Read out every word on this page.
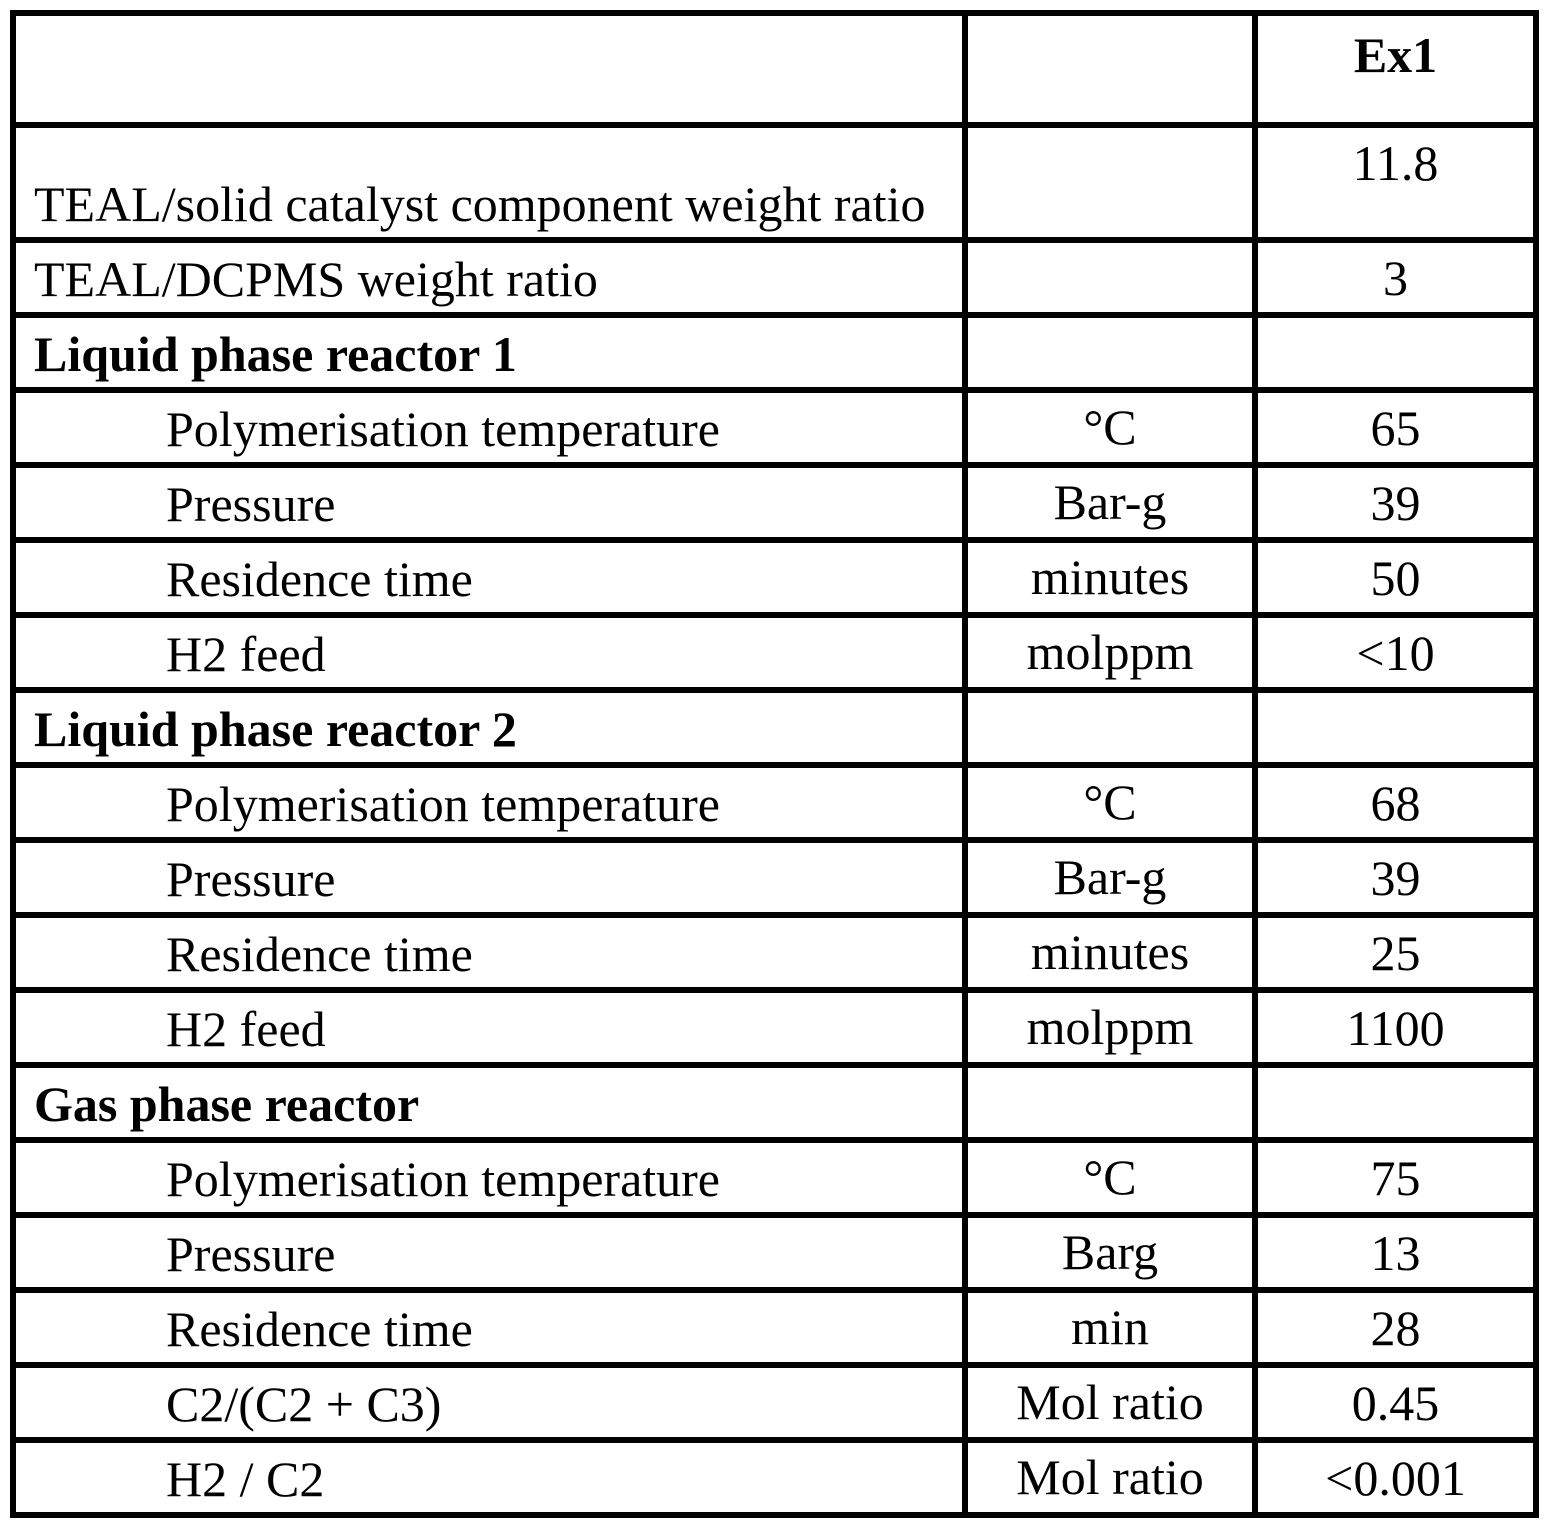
		Ex1
TEAL/solid catalyst component weight ratio		11.8
TEAL/DCPMS weight ratio		3
Liquid phase reactor 1		
Polymerisation temperature	°C	65
Pressure	Bar-g	39
Residence time	minutes	50
H2 feed	molppm	<10
Liquid phase reactor 2		
Polymerisation temperature	°C	68
Pressure	Bar-g	39
Residence time	minutes	25
H2 feed	molppm	1100
Gas phase reactor		
Polymerisation temperature	°C	75
Pressure	Barg	13
Residence time	min	28
C2/(C2 + C3)	Mol ratio	0.45
H2 / C2	Mol ratio	<0.001
